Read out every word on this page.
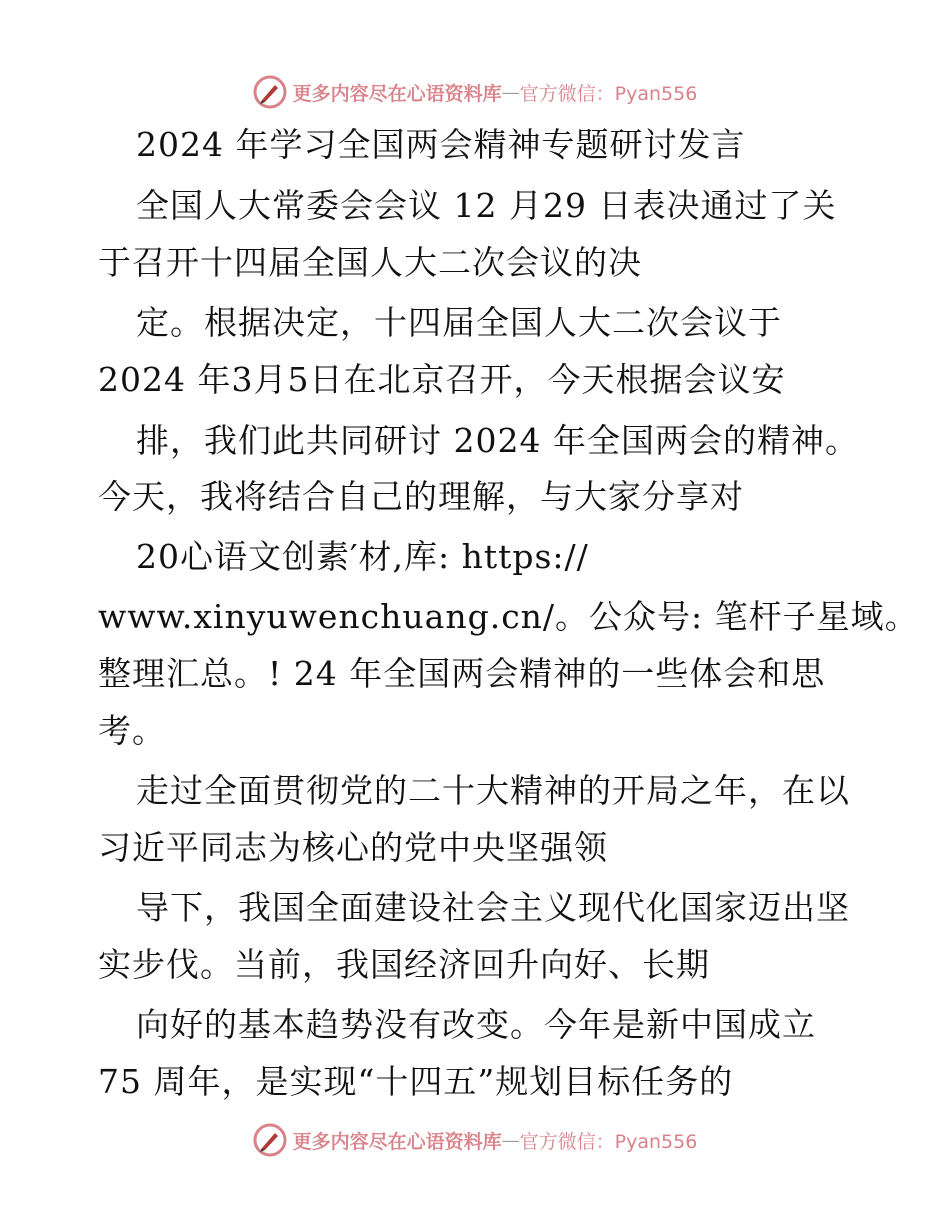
更多内容尽在心语资料库 — 官方微信：Pyan556
2024 年学习全国两会精神专题研讨发言
全国人大常委会会议 12 月29 日表决通过了关
于召开十四届全国人大二次会议的决
定。根据决定，十四届全国人大二次会议于
2024 年3月5日在北京召开，今天根据会议安
排，我们此共同研讨 2024 年全国两会的精神。
今天，我将结合自己的理解，与大家分享对
20心语文创素′材,库: https://
www.xinyuwenchuang.cn/。公众号: 笔杆子星域。
整理汇总。! 24 年全国两会精神的一些体会和思
考。
走过全面贯彻党的二十大精神的开局之年，在以
习近平同志为核心的党中央坚强领
导下，我国全面建设社会主义现代化国家迈出坚
实步伐。当前，我国经济回升向好、长期
向好的基本趋势没有改变。今年是新中国成立
75 周年，是实现“十四五”规划目标任务的
更多内容尽在心语资料库 — 官方微信：Pyan556
